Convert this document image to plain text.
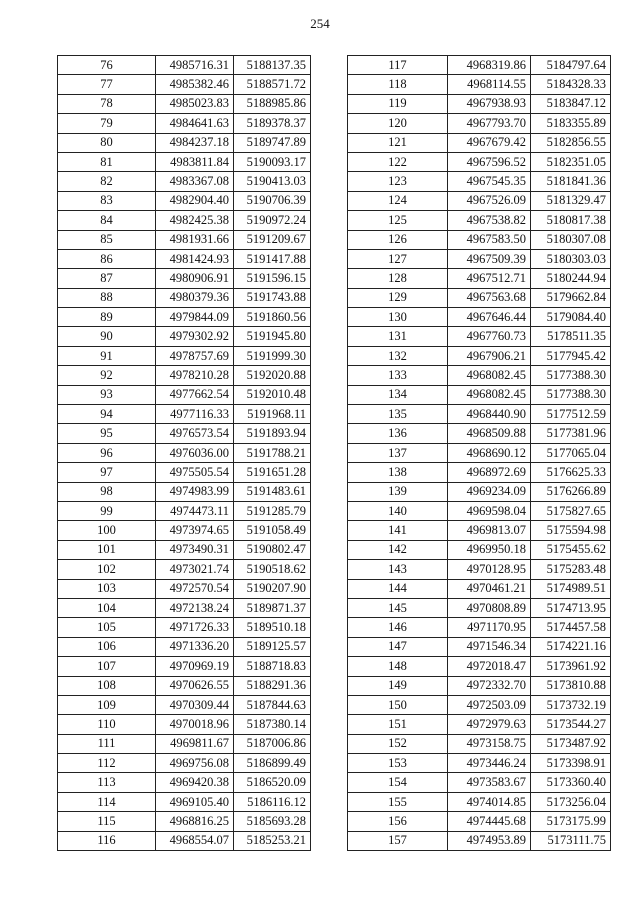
254
76	4985716.31	5188137.35
77	4985382.46	5188571.72
78	4985023.83	5188985.86
79	4984641.63	5189378.37
80	4984237.18	5189747.89
81	4983811.84	5190093.17
82	4983367.08	5190413.03
83	4982904.40	5190706.39
84	4982425.38	5190972.24
85	4981931.66	5191209.67
86	4981424.93	5191417.88
87	4980906.91	5191596.15
88	4980379.36	5191743.88
89	4979844.09	5191860.56
90	4979302.92	5191945.80
91	4978757.69	5191999.30
92	4978210.28	5192020.88
93	4977662.54	5192010.48
94	4977116.33	5191968.11
95	4976573.54	5191893.94
96	4976036.00	5191788.21
97	4975505.54	5191651.28
98	4974983.99	5191483.61
99	4974473.11	5191285.79
100	4973974.65	5191058.49
101	4973490.31	5190802.47
102	4973021.74	5190518.62
103	4972570.54	5190207.90
104	4972138.24	5189871.37
105	4971726.33	5189510.18
106	4971336.20	5189125.57
107	4970969.19	5188718.83
108	4970626.55	5188291.36
109	4970309.44	5187844.63
110	4970018.96	5187380.14
111	4969811.67	5187006.86
112	4969756.08	5186899.49
113	4969420.38	5186520.09
114	4969105.40	5186116.12
115	4968816.25	5185693.28
116	4968554.07	5185253.21
117	4968319.86	5184797.64
118	4968114.55	5184328.33
119	4967938.93	5183847.12
120	4967793.70	5183355.89
121	4967679.42	5182856.55
122	4967596.52	5182351.05
123	4967545.35	5181841.36
124	4967526.09	5181329.47
125	4967538.82	5180817.38
126	4967583.50	5180307.08
127	4967509.39	5180303.03
128	4967512.71	5180244.94
129	4967563.68	5179662.84
130	4967646.44	5179084.40
131	4967760.73	5178511.35
132	4967906.21	5177945.42
133	4968082.45	5177388.30
134	4968082.45	5177388.30
135	4968440.90	5177512.59
136	4968509.88	5177381.96
137	4968690.12	5177065.04
138	4968972.69	5176625.33
139	4969234.09	5176266.89
140	4969598.04	5175827.65
141	4969813.07	5175594.98
142	4969950.18	5175455.62
143	4970128.95	5175283.48
144	4970461.21	5174989.51
145	4970808.89	5174713.95
146	4971170.95	5174457.58
147	4971546.34	5174221.16
148	4972018.47	5173961.92
149	4972332.70	5173810.88
150	4972503.09	5173732.19
151	4972979.63	5173544.27
152	4973158.75	5173487.92
153	4973446.24	5173398.91
154	4973583.67	5173360.40
155	4974014.85	5173256.04
156	4974445.68	5173175.99
157	4974953.89	5173111.75
